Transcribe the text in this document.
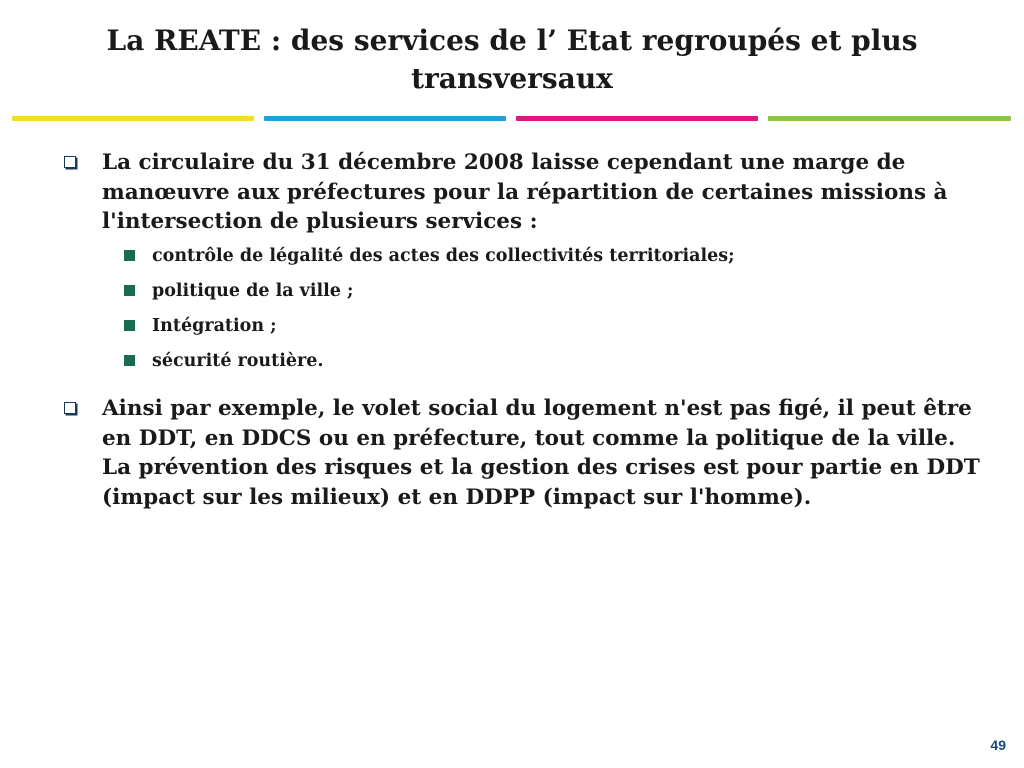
La REATE : des services de l’ Etat regroupés et plus
transversaux
La circulaire du 31 décembre 2008 laisse cependant une marge de manœuvre aux préfectures pour la répartition de certaines missions à l'intersection de plusieurs services :
contrôle de légalité des actes des collectivités territoriales;
politique de la ville ;
Intégration ;
sécurité routière.
Ainsi par exemple, le volet social du logement n'est pas figé, il peut être en DDT, en DDCS ou en préfecture, tout comme la politique de la ville. La prévention des risques et la gestion des crises est pour partie en DDT (impact sur les milieux) et en DDPP (impact sur l'homme).
49
